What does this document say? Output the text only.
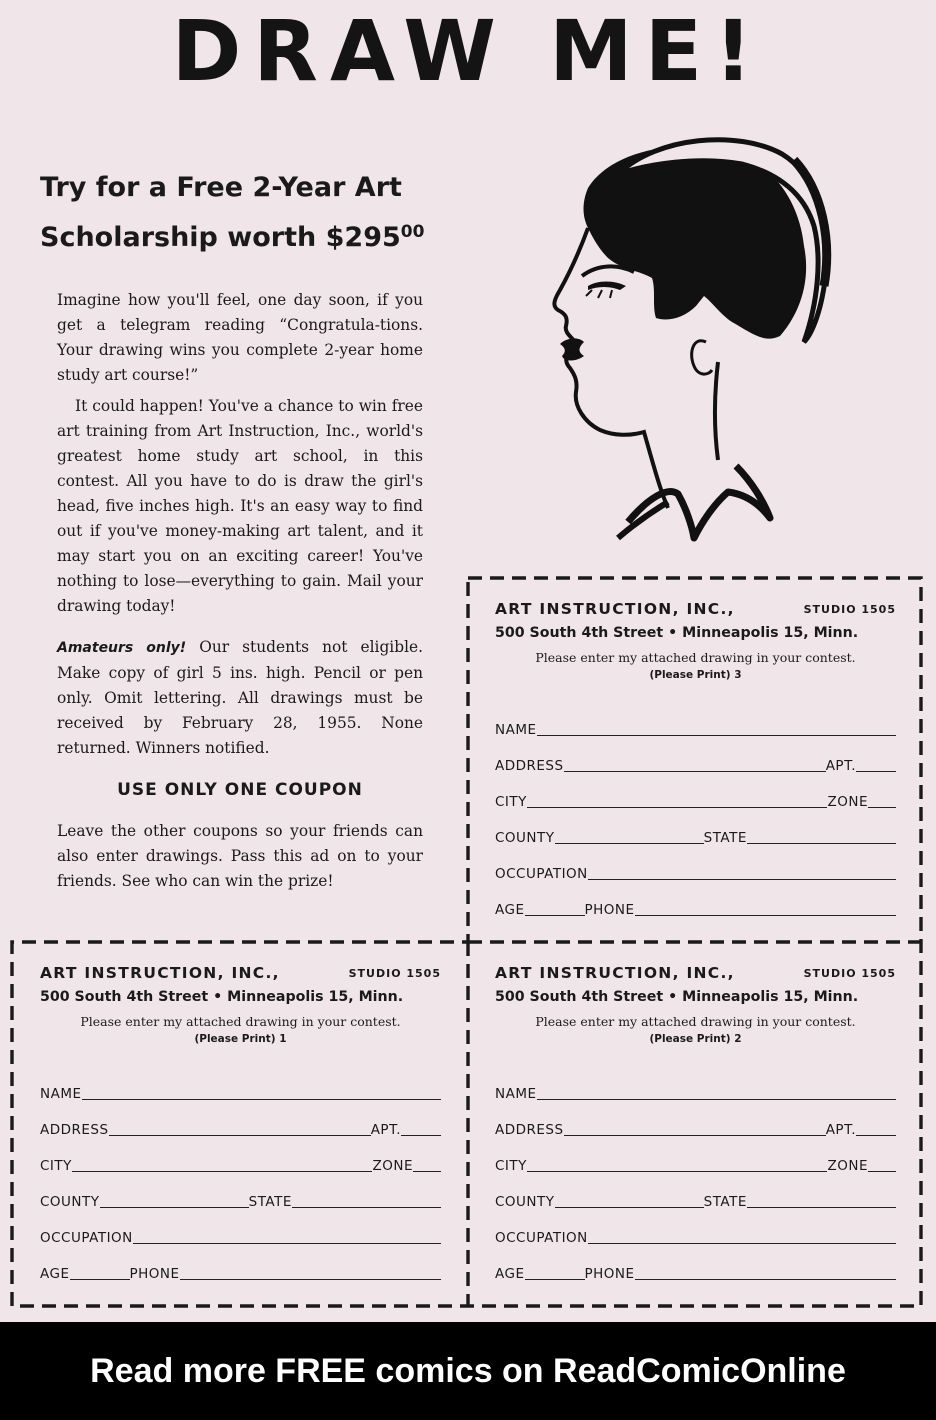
DRAW ME!
Try for a Free 2-Year Art
Scholarship worth $\$295^{00}$
Imagine how you'll feel, one day soon, if you get a telegram reading “Congratula-tions. Your drawing wins you complete 2-year home study art course!”
It could happen! You've a chance to win free art training from Art Instruction, Inc., world's greatest home study art school, in this contest. All you have to do is draw the girl's head, five inches high. It's an easy way to find out if you've money-making art talent, and it may start you on an exciting career! You've nothing to lose—everything to gain. Mail your drawing today!
Amateurs only! Our students not eligible. Make copy of girl 5 ins. high. Pencil or pen only. Omit lettering. All drawings must be received by February 28, 1955. None returned. Winners notified.
USE ONLY ONE COUPON
Leave the other coupons so your friends can also enter drawings. Pass this ad on to your friends. See who can win the prize!
ART INSTRUCTION, INC.,	STUDIO 1505
500 South 4th Street • Minneapolis 15, Minn.
Please enter my attached drawing in your contest.
(Please Print) 3
NAME
ADDRESS	APT.
CITY	ZONE
COUNTY	STATE
OCCUPATION
AGE	PHONE
ART INSTRUCTION, INC.,	STUDIO 1505
500 South 4th Street • Minneapolis 15, Minn.
Please enter my attached drawing in your contest.
(Please Print) 1
NAME
ADDRESS	APT.
CITY	ZONE
COUNTY	STATE
OCCUPATION
AGE	PHONE
ART INSTRUCTION, INC.,	STUDIO 1505
500 South 4th Street • Minneapolis 15, Minn.
Please enter my attached drawing in your contest.
(Please Print) 2
NAME
ADDRESS	APT.
CITY	ZONE
COUNTY	STATE
OCCUPATION
AGE	PHONE
Read more FREE comics on ReadComicOnline
